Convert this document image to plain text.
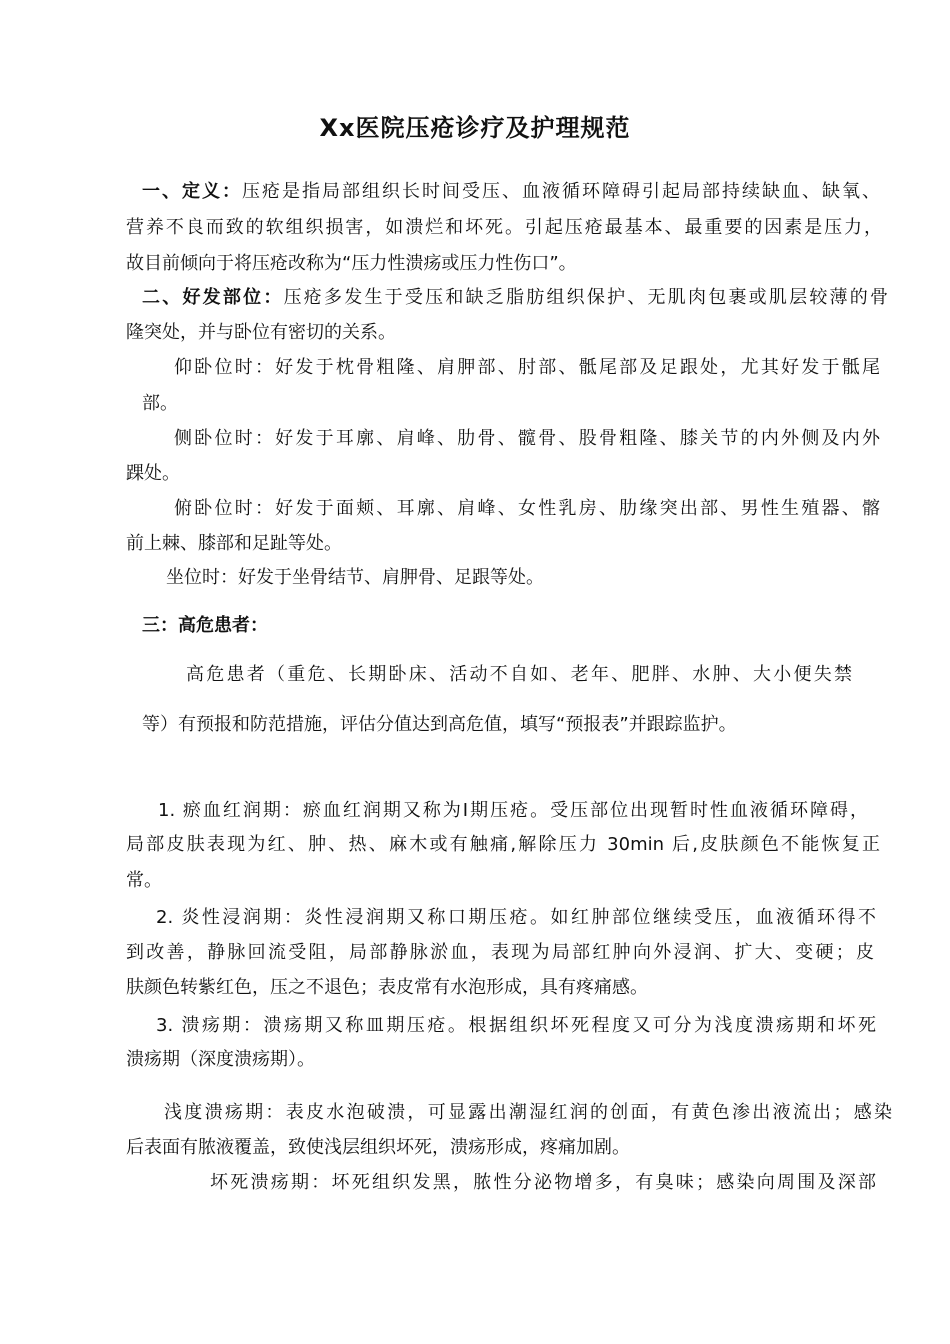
Xx医院压疮诊疗及护理规范
一、定义：压疮是指局部组织长时间受压、血液循环障碍引起局部持续缺血、缺氧、
营养不良而致的软组织损害，如溃烂和坏死。引起压疮最基本、最重要的因素是压力，
故目前倾向于将压疮改称为“压力性溃疡或压力性伤口”。
二、好发部位：压疮多发生于受压和缺乏脂肪组织保护、无肌肉包裹或肌层较薄的骨
隆突处，并与卧位有密切的关系。
仰卧位时：好发于枕骨粗隆、肩胛部、肘部、骶尾部及足跟处，尤其好发于骶尾
部。
侧卧位时：好发于耳廓、肩峰、肋骨、髋骨、股骨粗隆、膝关节的内外侧及内外
踝处。
俯卧位时：好发于面颊、耳廓、肩峰、女性乳房、肋缘突出部、男性生殖器、髂
前上棘、膝部和足趾等处。
坐位时：好发于坐骨结节、肩胛骨、足跟等处。
三：高危患者：
高危患者（重危、长期卧床、活动不自如、老年、肥胖、水肿、大小便失禁
等）有预报和防范措施，评估分值达到高危值，填写“预报表”并跟踪监护。
1. 瘀血红润期：瘀血红润期又称为Ⅰ期压疮。受压部位出现暂时性血液循环障碍，
局部皮肤表现为红、肿、热、麻木或有触痛,解除压力 30min 后,皮肤颜色不能恢复正
常。
2. 炎性浸润期：炎性浸润期又称口期压疮。如红肿部位继续受压，血液循环得不
到改善，静脉回流受阻，局部静脉淤血，表现为局部红肿向外浸润、扩大、变硬；皮
肤颜色转紫红色，压之不退色；表皮常有水泡形成，具有疼痛感。
3. 溃疡期：溃疡期又称皿期压疮。根据组织坏死程度又可分为浅度溃疡期和坏死
溃疡期（深度溃疡期）。
浅度溃疡期：表皮水泡破溃，可显露出潮湿红润的创面，有黄色渗出液流出；感染
后表面有脓液覆盖，致使浅层组织坏死，溃疡形成，疼痛加剧。
坏死溃疡期：坏死组织发黑，脓性分泌物增多，有臭味；感染向周围及深部
